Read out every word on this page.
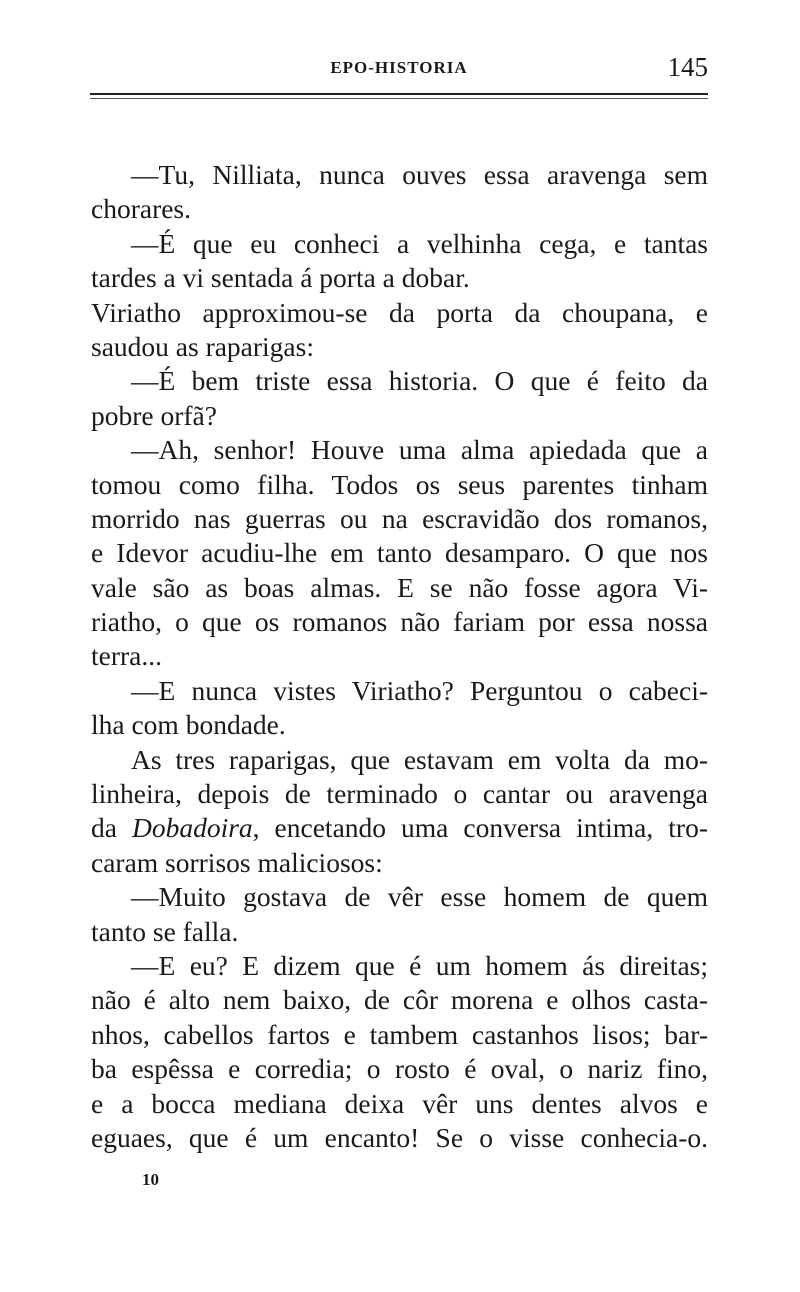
EPO-HISTORIA	145
—Tu, Nilliata, nunca ouves essa aravenga sem
chorares.
—É que eu conheci a velhinha cega, e tantas
tardes a vi sentada á porta a dobar.
Viriatho approximou-se da porta da choupana, e
saudou as raparigas:
—É bem triste essa historia. O que é feito da
pobre orfã?
—Ah, senhor! Houve uma alma apiedada que a
tomou como filha. Todos os seus parentes tinham
morrido nas guerras ou na escravidão dos romanos,
e Idevor acudiu-lhe em tanto desamparo. O que nos
vale são as boas almas. E se não fosse agora Vi-
riatho, o que os romanos não fariam por essa nossa
terra...
—E nunca vistes Viriatho? Perguntou o cabeci-
lha com bondade.
As tres raparigas, que estavam em volta da mo-
linheira, depois de terminado o cantar ou aravenga
da Dobadoira, encetando uma conversa intima, tro-
caram sorrisos maliciosos:
—Muito gostava de vêr esse homem de quem
tanto se falla.
—E eu? E dizem que é um homem ás direitas;
não é alto nem baixo, de côr morena e olhos casta-
nhos, cabellos fartos e tambem castanhos lisos; bar-
ba espêssa e corredia; o rosto é oval, o nariz fino,
e a bocca mediana deixa vêr uns dentes alvos e
eguaes, que é um encanto! Se o visse conhecia-o.
10
